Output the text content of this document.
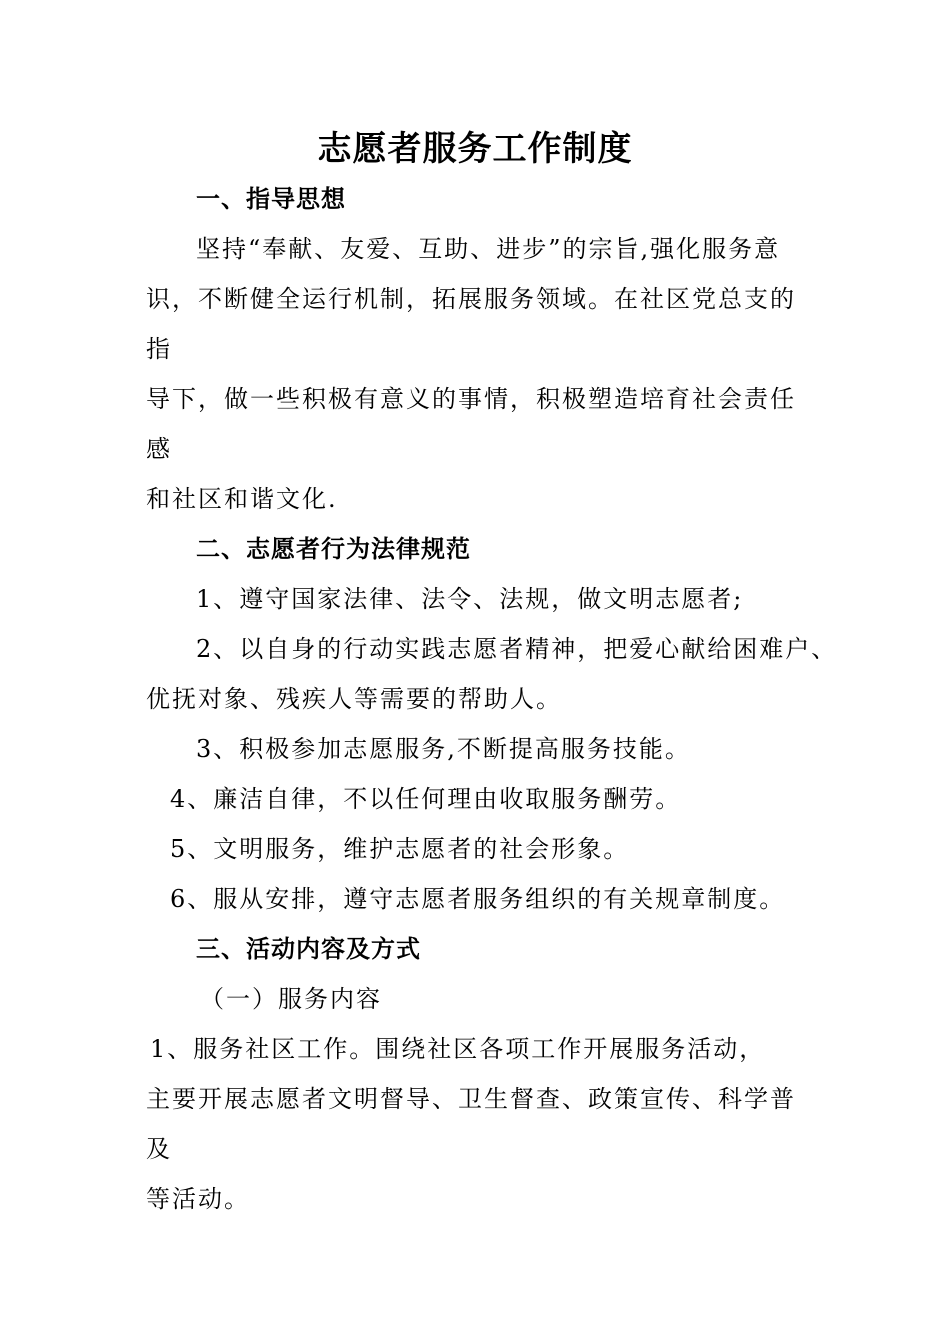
志愿者服务工作制度
一、指导思想
坚持“奉献、友爱、互助、进步”的宗旨,强化服务意
识，不断健全运行机制，拓展服务领域。在社区党总支的
指
导下，做一些积极有意义的事情，积极塑造培育社会责任
感
和社区和谐文化.
二、志愿者行为法律规范
1、遵守国家法律、法令、法规，做文明志愿者;
2、以自身的行动实践志愿者精神，把爱心献给困难户、
优抚对象、残疾人等需要的帮助人。
3、积极参加志愿服务,不断提高服务技能。
4、廉洁自律，不以任何理由收取服务酬劳。
5、文明服务，维护志愿者的社会形象。
6、服从安排，遵守志愿者服务组织的有关规章制度。
三、活动内容及方式
（一）服务内容
1、服务社区工作。围绕社区各项工作开展服务活动，
主要开展志愿者文明督导、卫生督查、政策宣传、科学普
及
等活动。
